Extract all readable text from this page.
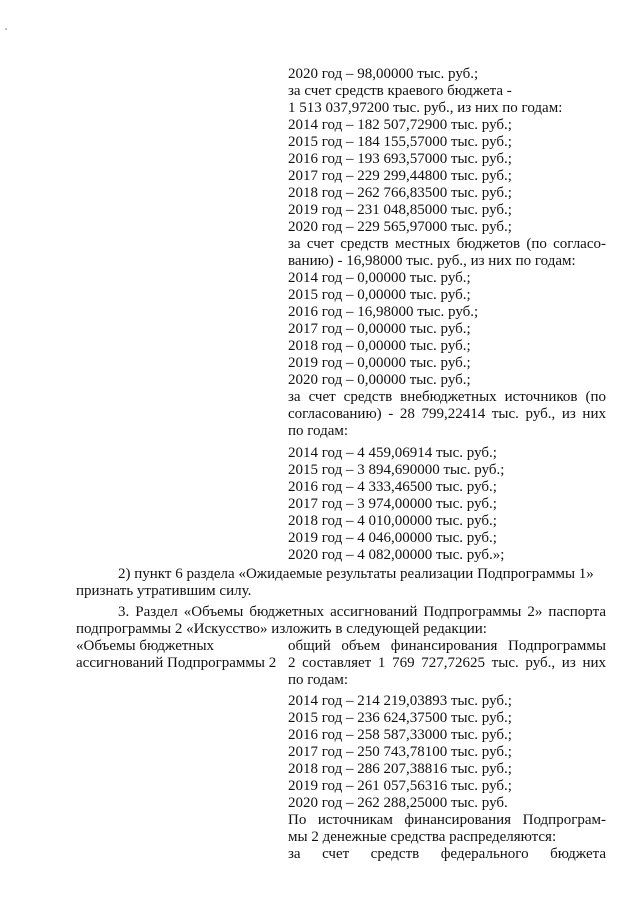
2020 год – 98,00000 тыс. руб.;
за счет средств краевого бюджета -
1 513 037,97200 тыс. руб., из них по годам:
2014 год – 182 507,72900 тыс. руб.;
2015 год – 184 155,57000 тыс. руб.;
2016 год – 193 693,57000 тыс. руб.;
2017 год – 229 299,44800 тыс. руб.;
2018 год – 262 766,83500 тыс. руб.;
2019 год – 231 048,85000 тыс. руб.;
2020 год – 229 565,97000 тыс. руб.;
за счет средств местных бюджетов (по согласо-
ванию) - 16,98000 тыс. руб., из них по годам:
2014 год – 0,00000 тыс. руб.;
2015 год – 0,00000 тыс. руб.;
2016 год – 16,98000 тыс. руб.;
2017 год – 0,00000 тыс. руб.;
2018 год – 0,00000 тыс. руб.;
2019 год – 0,00000 тыс. руб.;
2020 год – 0,00000 тыс. руб.;
за счет средств внебюджетных источников (по
согласованию) - 28 799,22414 тыс. руб., из них
по годам:
2014 год – 4 459,06914 тыс. руб.;
2015 год – 3 894,690000 тыс. руб.;
2016 год – 4 333,46500 тыс. руб.;
2017 год – 3 974,00000 тыс. руб.;
2018 год – 4 010,00000 тыс. руб.;
2019 год – 4 046,00000 тыс. руб.;
2020 год – 4 082,00000 тыс. руб.»;
2) пункт 6 раздела «Ожидаемые результаты реализации Подпрограммы 1»
признать утратившим силу.
3. Раздел «Объемы бюджетных ассигнований Подпрограммы 2» паспорта
подпрограммы 2 «Искусство» изложить в следующей редакции:
«Объемы бюджетных
ассигнований Подпрограммы 2
общий объем финансирования Подпрограммы
2 составляет 1 769 727,72625 тыс. руб., из них
по годам:
2014 год – 214 219,03893 тыс. руб.;
2015 год – 236 624,37500 тыс. руб.;
2016 год – 258 587,33000 тыс. руб.;
2017 год – 250 743,78100 тыс. руб.;
2018 год – 286 207,38816 тыс. руб.;
2019 год – 261 057,56316 тыс. руб.;
2020 год – 262 288,25000 тыс. руб.
По источникам финансирования Подпрограм-
мы 2 денежные средства распределяются:
за счет средств федерального бюджета
